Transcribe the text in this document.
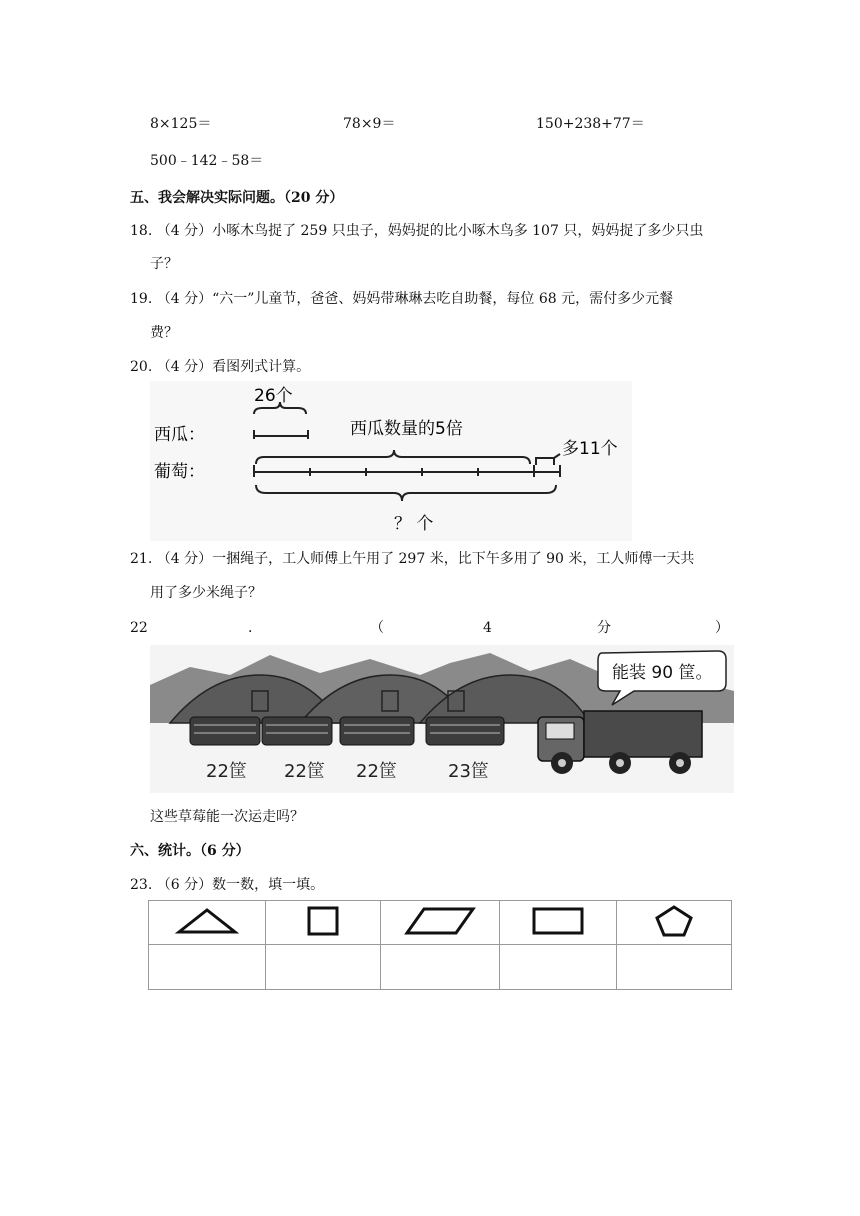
8×125＝	78×9＝	150+238+77＝
500﹣142﹣58＝
五、我会解决实际问题。（20 分）
18. （4 分）小啄木鸟捉了 259 只虫子，妈妈捉的比小啄木鸟多 107 只，妈妈捉了多少只虫
子？
19. （4 分）“六一”儿童节，爸爸、妈妈带琳琳去吃自助餐，每位 68 元，需付多少元餐
费？
20. （4 分）看图列式计算。
26个
西瓜：
葡萄：
西瓜数量的5倍
多11个
？ 个
21. （4 分）一捆绳子，工人师傅上午用了 297 米，比下午多用了 90 米，工人师傅一天共
用了多少米绳子？
22	.	（	4	分	）
22筐 22筐 22筐	23筐
能装 90 筐。
这些草莓能一次运走吗？
六、统计。（6 分）
23. （6 分）数一数，填一填。
